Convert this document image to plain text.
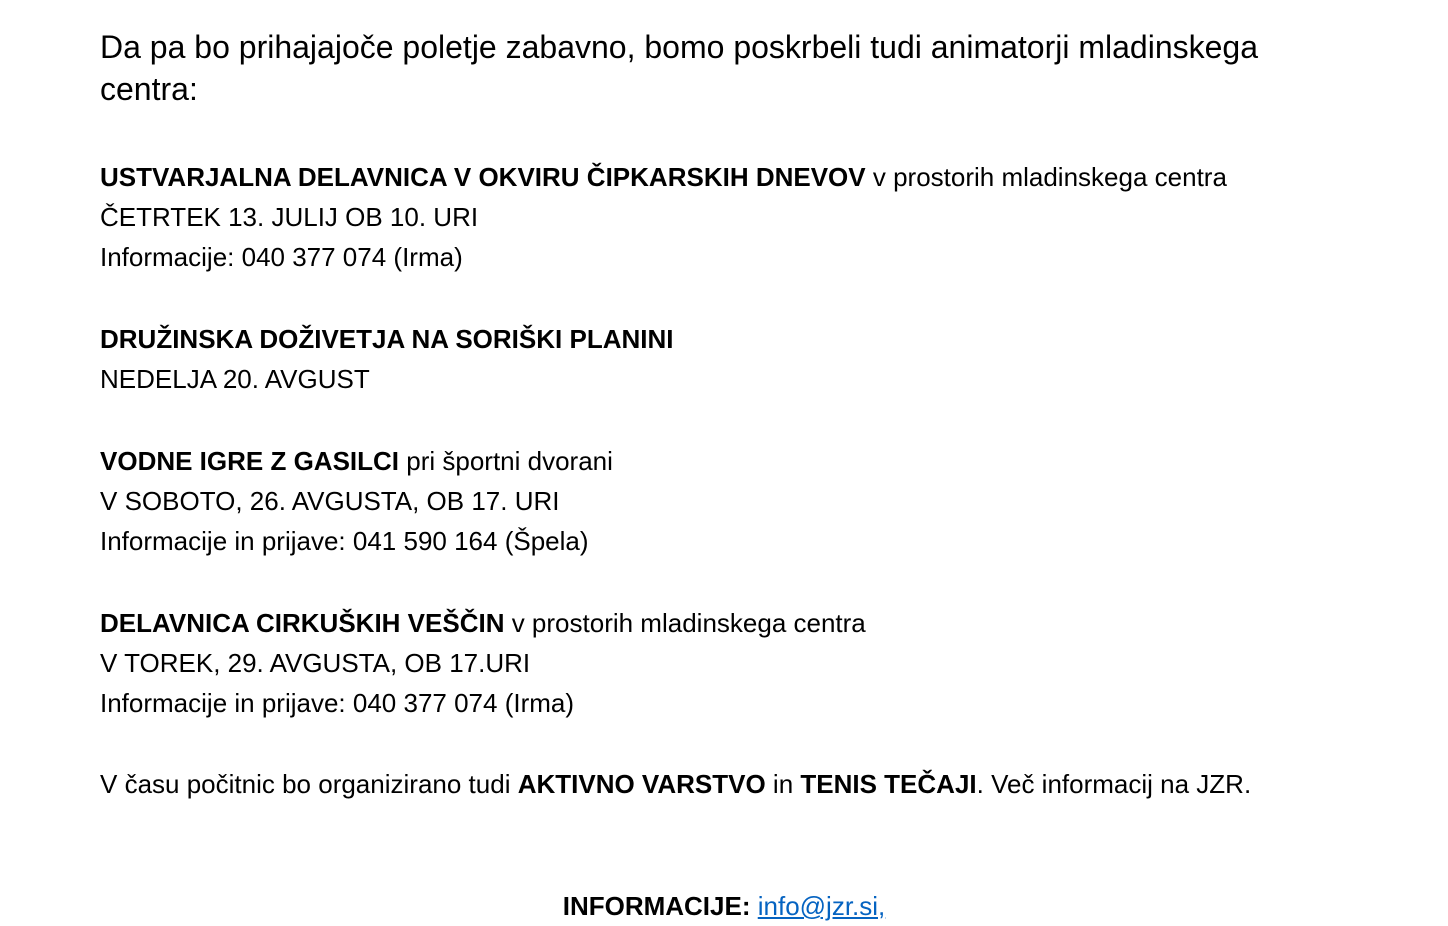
Da pa bo prihajajoče poletje zabavno, bomo poskrbeli tudi animatorji mladinskega centra:

USTVARJALNA DELAVNICA V OKVIRU ČIPKARSKIH DNEVOV v prostorih mladinskega centra
ČETRTEK 13. JULIJ OB 10. URI
Informacije: 040 377 074 (Irma)
DRUŽINSKA DOŽIVETJA NA SORIŠKI PLANINI
NEDELJA 20. AVGUST
VODNE IGRE Z GASILCI pri športni dvorani
V SOBOTO, 26. AVGUSTA, OB 17. URI
Informacije in prijave: 041 590 164 (Špela)
DELAVNICA CIRKUŠKIH VEŠČIN v prostorih mladinskega centra
V TOREK, 29. AVGUSTA, OB 17.URI
Informacije in prijave: 040 377 074 (Irma)

V času počitnic bo organizirano tudi AKTIVNO VARSTVO in TENIS TEČAJI. Več informacij na JZR.

INFORMACIJE: info@jzr.si,
